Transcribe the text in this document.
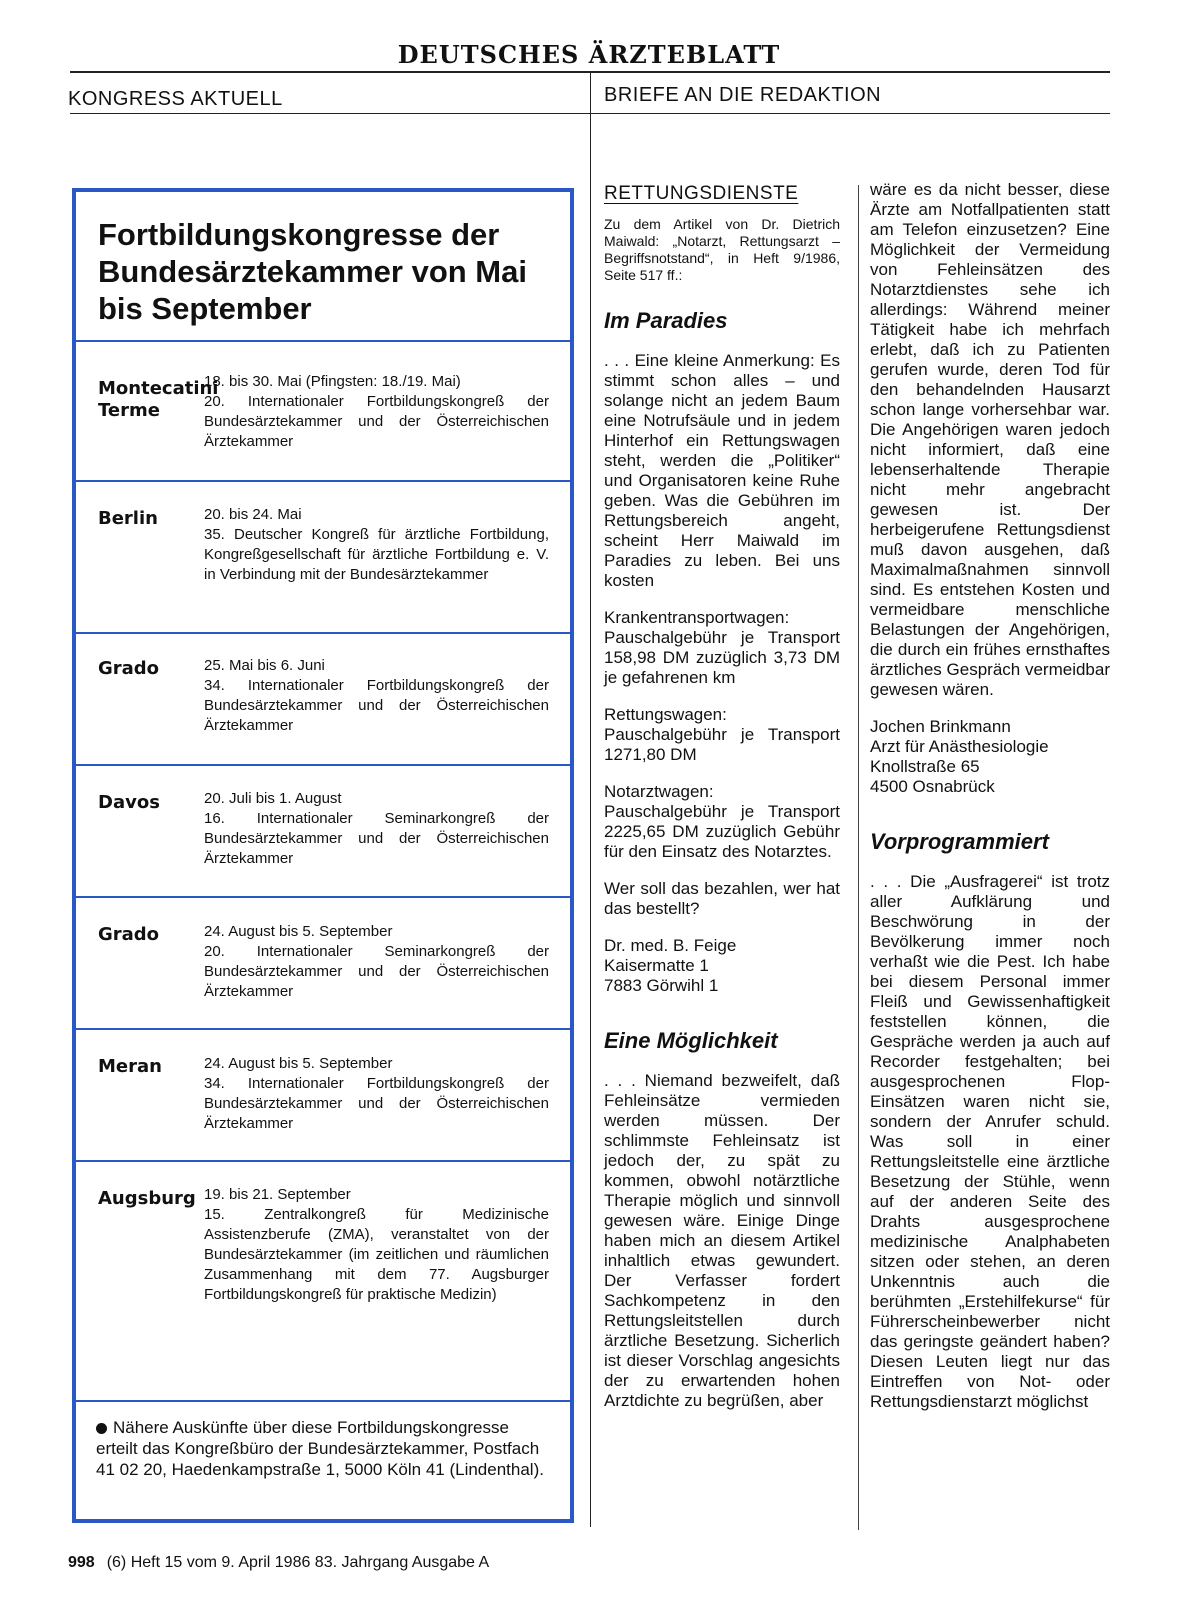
DEUTSCHES ÄRZTEBLATT
KONGRESS AKTUELL	BRIEFE AN DIE REDAKTION
Fortbildungskongresse der Bundesärztekammer von Mai bis September
Montecatini Terme
18. bis 30. Mai (Pfingsten: 18./19. Mai)
20. Internationaler Fortbildungskongreß der Bundesärztekammer und der Österreichischen Ärztekammer
Berlin	20. bis 24. Mai
35. Deutscher Kongreß für ärztliche Fortbildung, Kongreßgesellschaft für ärztliche Fortbildung e. V. in Verbindung mit der Bundesärztekammer
Grado	25. Mai bis 6. Juni
34. Internationaler Fortbildungskongreß der Bundesärztekammer und der Österreichischen Ärztekammer
Davos	20. Juli bis 1. August
16. Internationaler Seminarkongreß der Bundesärztekammer und der Österreichischen Ärztekammer
Grado	24. August bis 5. September
20. Internationaler Seminarkongreß der Bundesärztekammer und der Österreichischen Ärztekammer
Meran	24. August bis 5. September
34. Internationaler Fortbildungskongreß der Bundesärztekammer und der Österreichischen Ärztekammer
Augsburg 19. bis 21. September
15. Zentralkongreß für Medizinische Assistenzberufe (ZMA), veranstaltet von der Bundesärztekammer (im zeitlichen und räumlichen Zusammenhang mit dem 77. Augsburger Fortbildungskongreß für praktische Medizin)
Nähere Auskünfte über diese Fortbildungskongresse erteilt das Kongreßbüro der Bundesärztekammer, Postfach 41 02 20, Haedenkampstraße 1, 5000 Köln 41 (Lindenthal).
RETTUNGSDIENSTE

Zu dem Artikel von Dr. Dietrich Maiwald: „Notarzt, Rettungsarzt – Begriffsnotstand“, in Heft 9/1986, Seite 517 ff.:

Im Paradies

. . . Eine kleine Anmerkung: Es stimmt schon alles – und solange nicht an jedem Baum eine Notrufsäule und in jedem Hinterhof ein Rettungswagen steht, werden die „Politiker“ und Organisatoren keine Ruhe geben. Was die Gebühren im Rettungsbereich angeht, scheint Herr Maiwald im Paradies zu leben. Bei uns kosten

Krankentransportwagen: Pauschalgebühr je Transport 158,98 DM zuzüglich 3,73 DM je gefahrenen km

Rettungswagen: Pauschalgebühr je Transport 1271,80 DM

Notarztwagen: Pauschalgebühr je Transport 2225,65 DM zuzüglich Gebühr für den Einsatz des Notarztes.

Wer soll das bezahlen, wer hat das bestellt?

Dr. med. B. Feige
Kaisermatte 1
7883 Görwihl 1

Eine Möglichkeit

. . . Niemand bezweifelt, daß Fehleinsätze vermieden werden müssen. Der schlimmste Fehleinsatz ist jedoch der, zu spät zu kommen, obwohl notärztliche Therapie möglich und sinnvoll gewesen wäre. Einige Dinge haben mich an diesem Artikel inhaltlich etwas gewundert. Der Verfasser fordert Sachkompetenz in den Rettungsleitstellen durch ärztliche Besetzung. Sicherlich ist dieser Vorschlag angesichts der zu erwartenden hohen Arztdichte zu begrüßen, aber

wäre es da nicht besser, diese Ärzte am Notfallpatienten statt am Telefon einzusetzen? Eine Möglichkeit der Vermeidung von Fehleinsätzen des Notarztdienstes sehe ich allerdings: Während meiner Tätigkeit habe ich mehrfach erlebt, daß ich zu Patienten gerufen wurde, deren Tod für den behandelnden Hausarzt schon lange vorhersehbar war. Die Angehörigen waren jedoch nicht informiert, daß eine lebenserhaltende Therapie nicht mehr angebracht gewesen ist. Der herbeigerufene Rettungsdienst muß davon ausgehen, daß Maximalmaßnahmen sinnvoll sind. Es entstehen Kosten und vermeidbare menschliche Belastungen der Angehörigen, die durch ein frühes ernsthaftes ärztliches Gespräch vermeidbar gewesen wären.

Jochen Brinkmann
Arzt für Anästhesiologie
Knollstraße 65
4500 Osnabrück

Vorprogrammiert

. . . Die „Ausfragerei“ ist trotz aller Aufklärung und Beschwörung in der Bevölkerung immer noch verhaßt wie die Pest. Ich habe bei diesem Personal immer Fleiß und Gewissenhaftigkeit feststellen können, die Gespräche werden ja auch auf Recorder festgehalten; bei ausgesprochenen Flop-Einsätzen waren nicht sie, sondern der Anrufer schuld. Was soll in einer Rettungsleitstelle eine ärztliche Besetzung der Stühle, wenn auf der anderen Seite des Drahts ausgesprochene medizinische Analphabeten sitzen oder stehen, an deren Unkenntnis auch die berühmten „Erstehilfekurse“ für Führerscheinbewerber nicht das geringste geändert haben? Diesen Leuten liegt nur das Eintreffen von Not- oder Rettungsdienstarzt möglichst

998 (6) Heft 15 vom 9. April 1986 83. Jahrgang Ausgabe A
